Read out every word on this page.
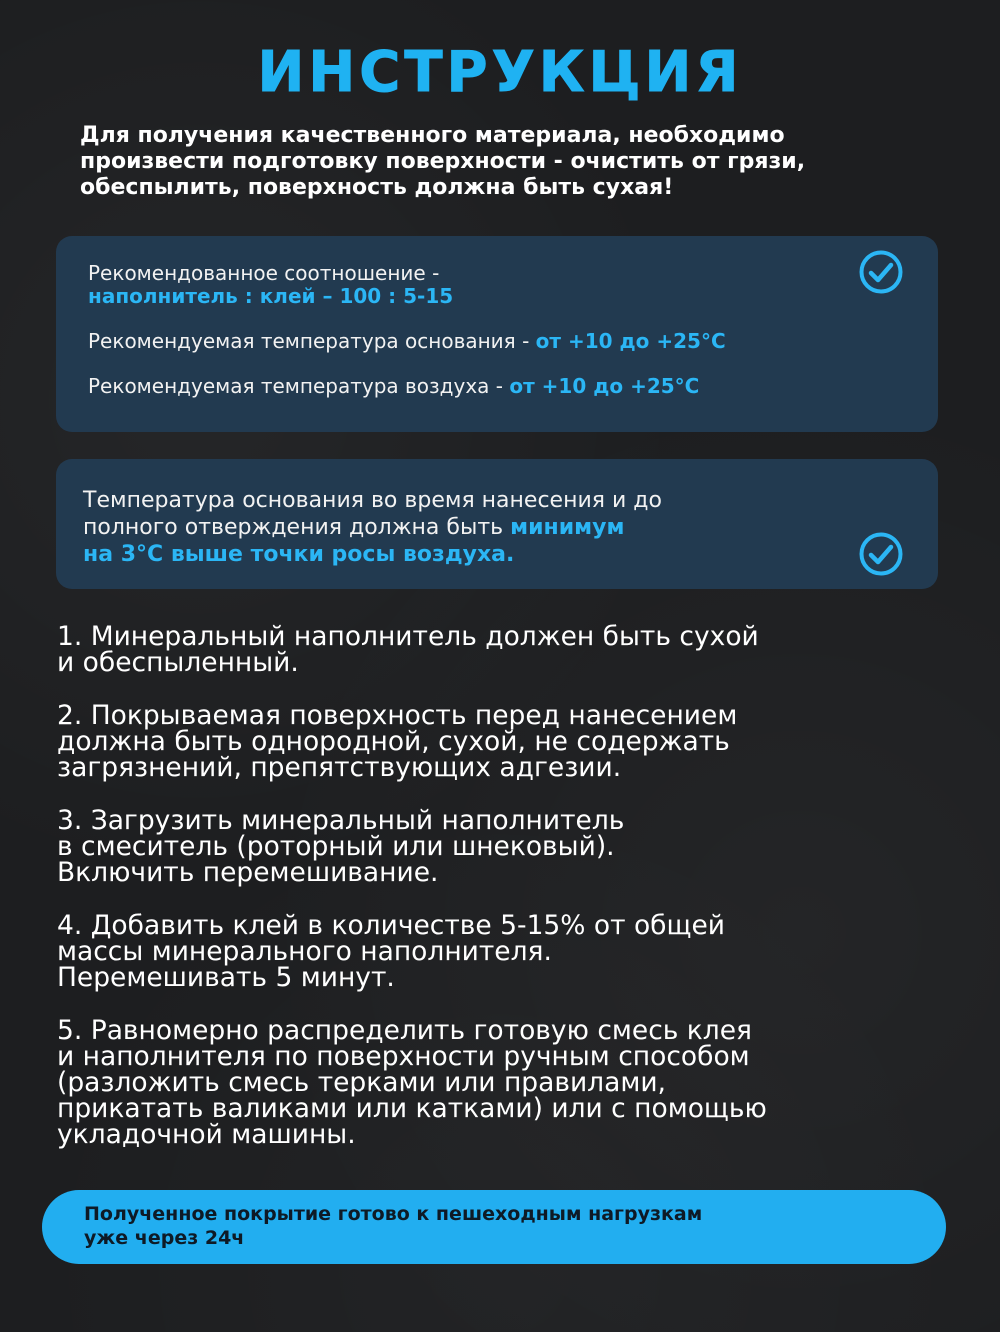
ИНСТРУКЦИЯ
Для получения качественного материала, необходимо
произвести подготовку поверхности - очистить от грязи,
обеспылить, поверхность должна быть сухая!
Рекомендованное соотношение -
наполнитель : клей – 100 : 5-15
Рекомендуемая температура основания - от +10 до +25°С
Рекомендуемая температура воздуха - от +10 до +25°С
Температура основания во время нанесения и до
полного отверждения должна быть минимум
на 3°С выше точки росы воздуха.
1. Минеральный наполнитель должен быть сухой
и обеспыленный.
2. Покрываемая поверхность перед нанесением
должна быть однородной, сухой, не содержать
загрязнений, препятствующих адгезии.
3. Загрузить минеральный наполнитель
в смеситель (роторный или шнековый).
Включить перемешивание.
4. Добавить клей в количестве 5-15% от общей
массы минерального наполнителя.
Перемешивать 5 минут.
5. Равномерно распределить готовую смесь клея
и наполнителя по поверхности ручным способом
(разложить смесь терками или правилами,
прикатать валиками или катками) или с помощью
укладочной машины.
Полученное покрытие готово к пешеходным нагрузкам
уже через 24ч
